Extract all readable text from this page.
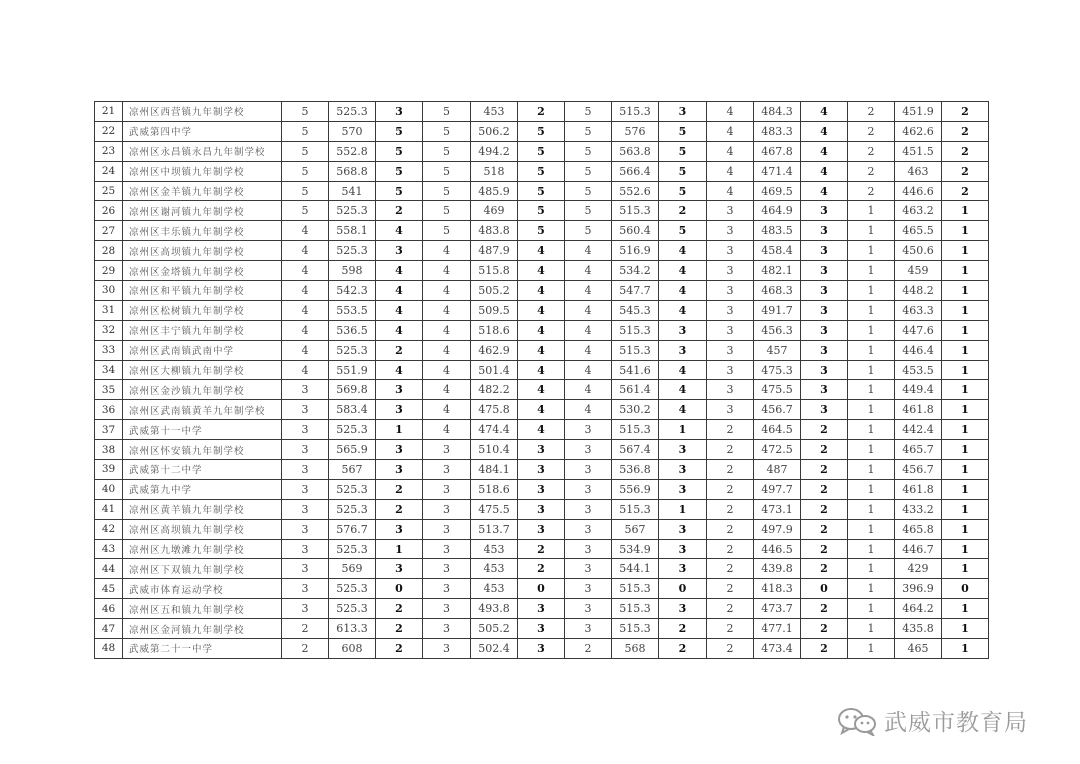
21	凉州区西营镇九年制学校	5	525.3	3	5	453	2	5	515.3	3	4	484.3	4	2	451.9	2
22	武威第四中学	5	570	5	5	506.2	5	5	576	5	4	483.3	4	2	462.6	2
23	凉州区永昌镇永昌九年制学校	5	552.8	5	5	494.2	5	5	563.8	5	4	467.8	4	2	451.5	2
24	凉州区中坝镇九年制学校	5	568.8	5	5	518	5	5	566.4	5	4	471.4	4	2	463	2
25	凉州区金羊镇九年制学校	5	541	5	5	485.9	5	5	552.6	5	4	469.5	4	2	446.6	2
26	凉州区谢河镇九年制学校	5	525.3	2	5	469	5	5	515.3	2	3	464.9	3	1	463.2	1
27	凉州区丰乐镇九年制学校	4	558.1	4	5	483.8	5	5	560.4	5	3	483.5	3	1	465.5	1
28	凉州区高坝镇九年制学校	4	525.3	3	4	487.9	4	4	516.9	4	3	458.4	3	1	450.6	1
29	凉州区金塔镇九年制学校	4	598	4	4	515.8	4	4	534.2	4	3	482.1	3	1	459	1
30	凉州区和平镇九年制学校	4	542.3	4	4	505.2	4	4	547.7	4	3	468.3	3	1	448.2	1
31	凉州区松树镇九年制学校	4	553.5	4	4	509.5	4	4	545.3	4	3	491.7	3	1	463.3	1
32	凉州区丰宁镇九年制学校	4	536.5	4	4	518.6	4	4	515.3	3	3	456.3	3	1	447.6	1
33	凉州区武南镇武南中学	4	525.3	2	4	462.9	4	4	515.3	3	3	457	3	1	446.4	1
34	凉州区大柳镇九年制学校	4	551.9	4	4	501.4	4	4	541.6	4	3	475.3	3	1	453.5	1
35	凉州区金沙镇九年制学校	3	569.8	3	4	482.2	4	4	561.4	4	3	475.5	3	1	449.4	1
36	凉州区武南镇黄羊九年制学校	3	583.4	3	4	475.8	4	4	530.2	4	3	456.7	3	1	461.8	1
37	武威第十一中学	3	525.3	1	4	474.4	4	3	515.3	1	2	464.5	2	1	442.4	1
38	凉州区怀安镇九年制学校	3	565.9	3	3	510.4	3	3	567.4	3	2	472.5	2	1	465.7	1
39	武威第十二中学	3	567	3	3	484.1	3	3	536.8	3	2	487	2	1	456.7	1
40	武威第九中学	3	525.3	2	3	518.6	3	3	556.9	3	2	497.7	2	1	461.8	1
41	凉州区黄羊镇九年制学校	3	525.3	2	3	475.5	3	3	515.3	1	2	473.1	2	1	433.2	1
42	凉州区高坝镇九年制学校	3	576.7	3	3	513.7	3	3	567	3	2	497.9	2	1	465.8	1
43	凉州区九墩滩九年制学校	3	525.3	1	3	453	2	3	534.9	3	2	446.5	2	1	446.7	1
44	凉州区下双镇九年制学校	3	569	3	3	453	2	3	544.1	3	2	439.8	2	1	429	1
45	武威市体育运动学校	3	525.3	0	3	453	0	3	515.3	0	2	418.3	0	1	396.9	0
46	凉州区五和镇九年制学校	3	525.3	2	3	493.8	3	3	515.3	3	2	473.7	2	1	464.2	1
47	凉州区金河镇九年制学校	2	613.3	2	3	505.2	3	3	515.3	2	2	477.1	2	1	435.8	1
48	武威第二十一中学	2	608	2	3	502.4	3	2	568	2	2	473.4	2	1	465	1
武威市教育局
